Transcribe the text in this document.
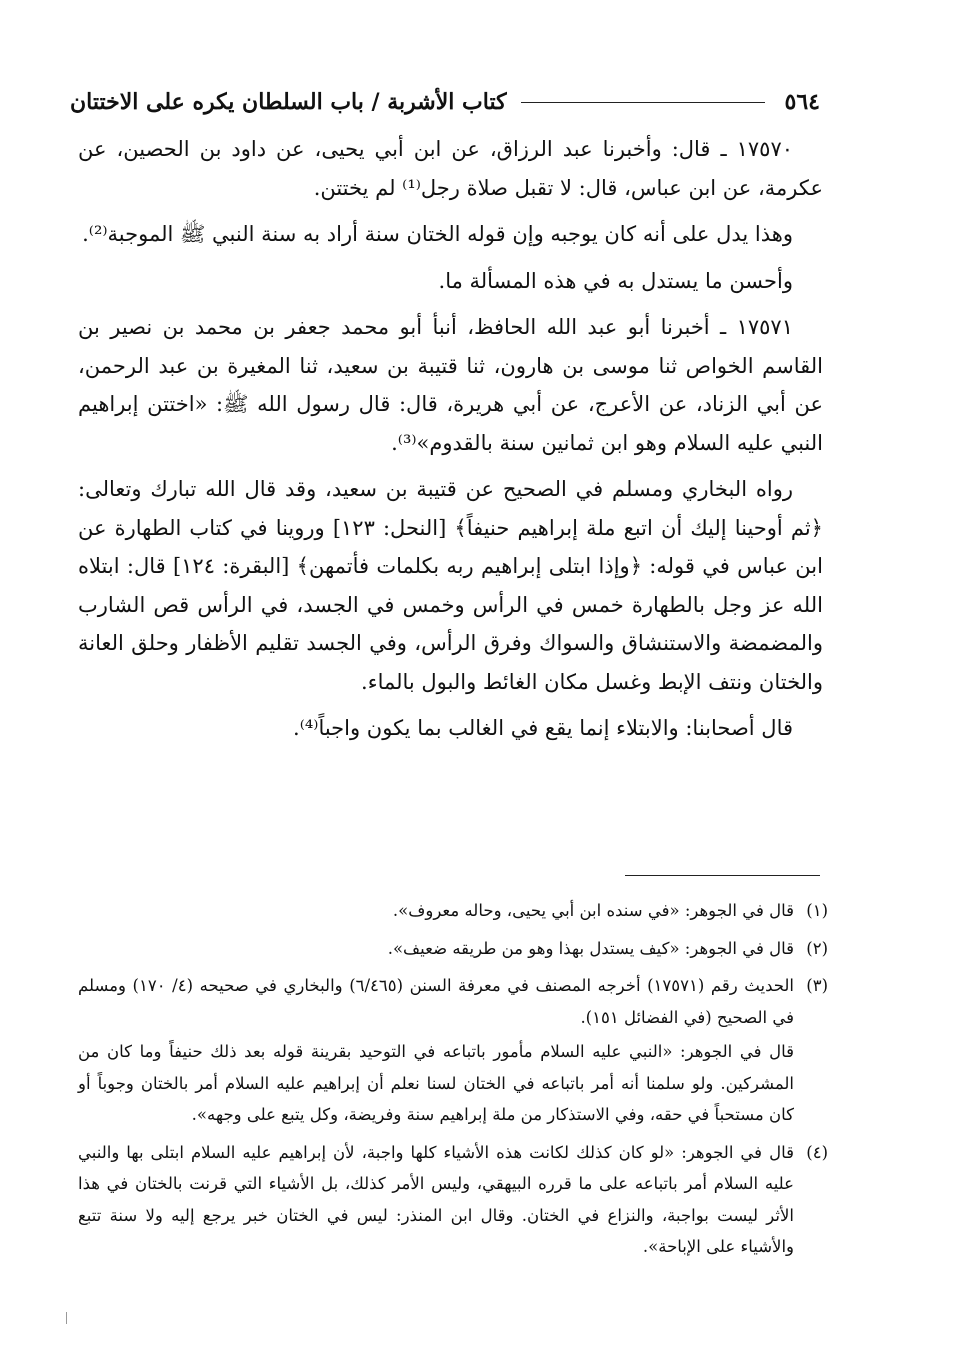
٥٦٤
كتاب الأشربة / باب السلطان يكره على الاختتان

١٧٥٧٠ ـ قال: وأخبرنا عبد الرزاق، عن ابن أبي يحيى، عن داود بن الحصين، عن عكرمة، عن ابن عباس، قال: لا تقبل صلاة رجل⁽¹⁾ لم يختتن.

وهذا يدل على أنه كان يوجبه وإن قوله الختان سنة أراد به سنة النبي ﷺ الموجبة⁽²⁾.

وأحسن ما يستدل به في هذه المسألة ما.

١٧٥٧١ ـ أخبرنا أبو عبد الله الحافظ، أنبأ أبو محمد جعفر بن محمد بن نصير بن القاسم الخواص ثنا موسى بن هارون، ثنا قتيبة بن سعيد، ثنا المغيرة بن عبد الرحمن، عن أبي الزناد، عن الأعرج، عن أبي هريرة، قال: قال رسول الله ﷺ: «اختتن إبراهيم النبي عليه السلام وهو ابن ثمانين سنة بالقدوم»⁽³⁾.

رواه البخاري ومسلم في الصحيح عن قتيبة بن سعيد، وقد قال الله تبارك وتعالى: ﴿ثم أوحينا إليك أن اتبع ملة إبراهيم حنيفاً﴾ [النحل: ١٢٣] وروينا في كتاب الطهارة عن ابن عباس في قوله: ﴿وإذا ابتلى إبراهيم ربه بكلمات فأتمهن﴾ [البقرة: ١٢٤] قال: ابتلاه الله عز وجل بالطهارة خمس في الرأس وخمس في الجسد، في الرأس قص الشارب والمضمضة والاستنشاق والسواك وفرق الرأس، وفي الجسد تقليم الأظفار وحلق العانة والختان ونتف الإبط وغسل مكان الغائط والبول بالماء.

قال أصحابنا: والابتلاء إنما يقع في الغالب بما يكون واجباً⁽⁴⁾.

(١)
قال في الجوهر: «في سنده ابن أبي يحيى، وحاله معروف».
(٢)
قال في الجوهر: «كيف يستدل بهذا وهو من طريقه ضعيف».
(٣)
الحديث رقم (١٧٥٧١) أخرجه المصنف في معرفة السنن (٦/٤٦٥) والبخاري في صحيحه (٤/ ١٧٠) ومسلم في الصحيح (في الفضائل ١٥١).
قال في الجوهر: «النبي عليه السلام مأمور باتباعه في التوحيد بقرينة قوله بعد ذلك حنيفاً وما كان من المشركين. ولو سلمنا أنه أمر باتباعه في الختان لسنا نعلم أن إبراهيم عليه السلام أمر بالختان وجوباً أو كان مستحباً في حقه، وفي الاستذكار من ملة إبراهيم سنة وفريضة، وكل يتبع على وجهه».
(٤)
قال في الجوهر: «لو كان كذلك لكانت هذه الأشياء كلها واجبة، لأن إبراهيم عليه السلام ابتلى بها والنبي عليه السلام أمر باتباعه على ما قرره البيهقي، وليس الأمر كذلك، بل الأشياء التي قرنت بالختان في هذا الأثر ليست بواجبة، والنزاع في الختان. وقال ابن المنذر: ليس في الختان خبر يرجع إليه ولا سنة تتبع والأشياء على الإباحة».
